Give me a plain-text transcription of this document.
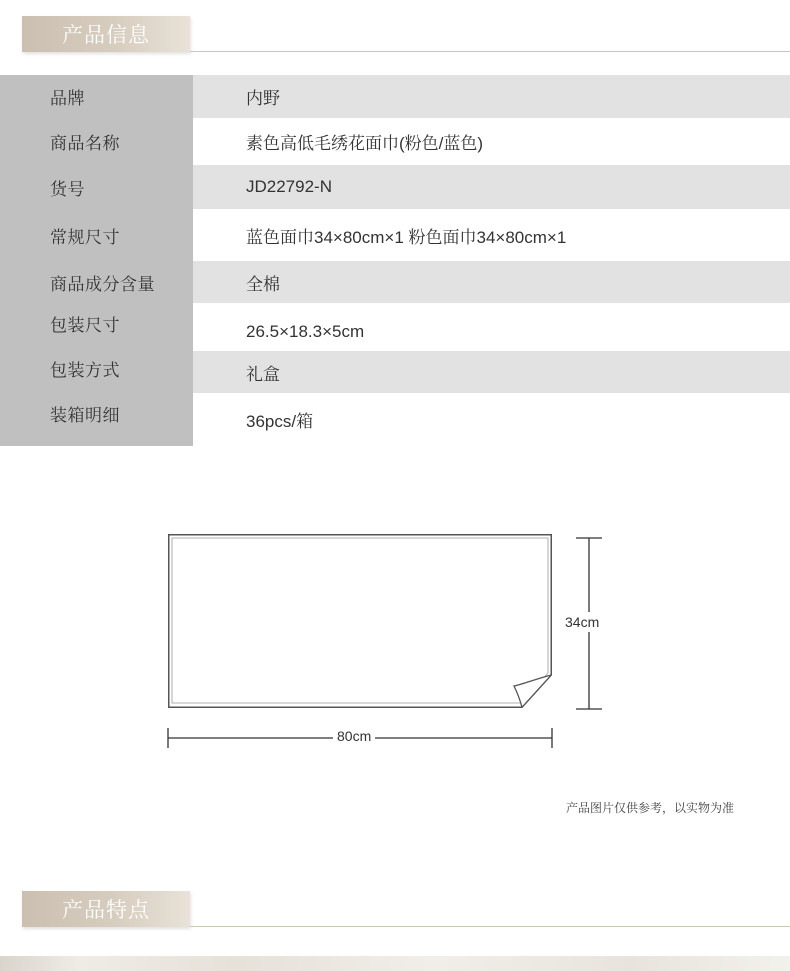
产品信息
品牌	内野
商品名称	素色高低毛绣花面巾(粉色/蓝色)
货号	JD22792-N
常规尺寸	蓝色面巾34×80cm×1 粉色面巾34×80cm×1
商品成分含量	全棉
包装尺寸	26.5×18.3×5cm
包装方式	礼盒
装箱明细	36pcs/箱
80cm
34cm
产品图片仅供参考，以实物为准
产品特点
